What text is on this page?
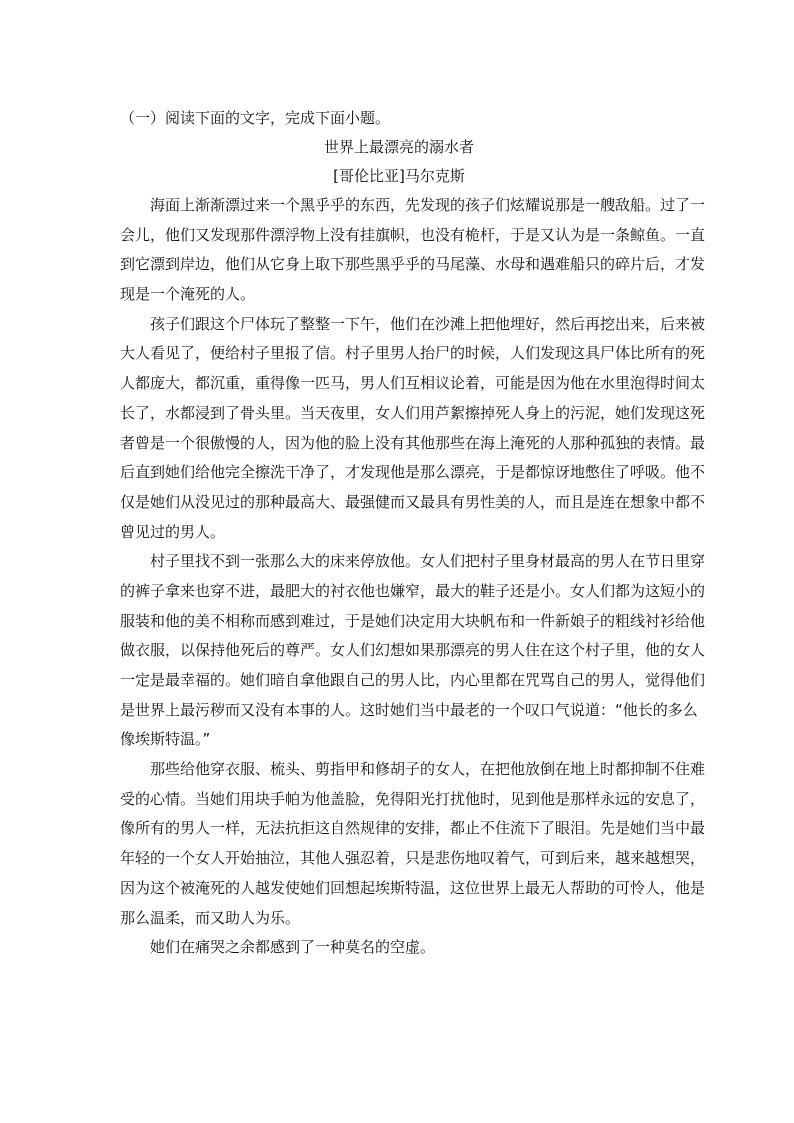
（一）阅读下面的文字，完成下面小题。
世界上最漂亮的溺水者
[哥伦比亚]马尔克斯
海面上渐渐漂过来一个黑乎乎的东西，先发现的孩子们炫耀说那是一艘敌船。过了一
会儿，他们又发现那件漂浮物上没有挂旗帜，也没有桅杆，于是又认为是一条鲸鱼。一直
到它漂到岸边，他们从它身上取下那些黑乎乎的马尾藻、水母和遇难船只的碎片后，才发
现是一个淹死的人。
孩子们跟这个尸体玩了整整一下午，他们在沙滩上把他埋好，然后再挖出来，后来被
大人看见了，便给村子里报了信。村子里男人抬尸的时候，人们发现这具尸体比所有的死
人都庞大，都沉重，重得像一匹马，男人们互相议论着，可能是因为他在水里泡得时间太
长了，水都浸到了骨头里。当天夜里，女人们用芦絮擦掉死人身上的污泥，她们发现这死
者曾是一个很傲慢的人，因为他的脸上没有其他那些在海上淹死的人那种孤独的表情。最
后直到她们给他完全擦洗干净了，才发现他是那么漂亮，于是都惊讶地憋住了呼吸。他不
仅是她们从没见过的那种最高大、最强健而又最具有男性美的人，而且是连在想象中都不
曾见过的男人。
村子里找不到一张那么大的床来停放他。女人们把村子里身材最高的男人在节日里穿
的裤子拿来也穿不进，最肥大的衬衣他也嫌窄，最大的鞋子还是小。女人们都为这短小的
服装和他的美不相称而感到难过，于是她们决定用大块帆布和一件新娘子的粗线衬衫给他
做衣服，以保持他死后的尊严。女人们幻想如果那漂亮的男人住在这个村子里，他的女人
一定是最幸福的。她们暗自拿他跟自己的男人比，内心里都在咒骂自己的男人，觉得他们
是世界上最污秽而又没有本事的人。这时她们当中最老的一个叹口气说道：“他长的多么
像埃斯特温。”
那些给他穿衣服、梳头、剪指甲和修胡子的女人，在把他放倒在地上时都抑制不住难
受的心情。当她们用块手帕为他盖脸，免得阳光打扰他时，见到他是那样永远的安息了，
像所有的男人一样，无法抗拒这自然规律的安排，都止不住流下了眼泪。先是她们当中最
年轻的一个女人开始抽泣，其他人强忍着，只是悲伤地叹着气，可到后来，越来越想哭，
因为这个被淹死的人越发使她们回想起埃斯特温，这位世界上最无人帮助的可怜人，他是
那么温柔，而又助人为乐。
她们在痛哭之余都感到了一种莫名的空虚。
